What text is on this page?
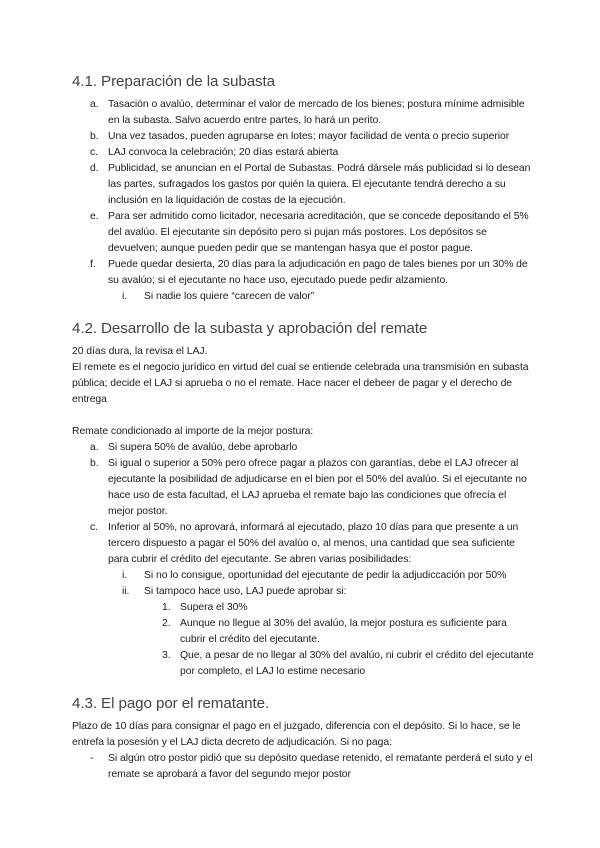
4.1. Preparación de la subasta
a. Tasación o avalúo, determinar el valor de mercado de los bienes; postura mínime admisible en la subasta. Salvo acuerdo entre partes, lo hará un perito.
b. Una vez tasados, pueden agruparse en lotes; mayor facilidad de venta o precio superior
c. LAJ convoca la celebración; 20 días estará abierta
d. Publicidad, se anuncian en el Portal de Subastas. Podrá dársele más publicidad si lo desean las partes, sufragados los gastos por quién la quiera. El ejecutante tendrá derecho a su inclusión en la liquidación de costas de la ejecución.
e. Para ser admitido como licitador, necesaria acreditación, que se concede depositando el 5% del avalúo. El ejecutante sin depósito pero si pujan más postores. Los depósitos se devuelven; aunque pueden pedir que se mantengan hasya que el postor pague.
f. Puede quedar desierta, 20 días para la adjudicación en pago de tales bienes por un 30% de su avalúo; si el ejecutante no hace uso, ejecutado puede pedir alzamiento.
i. Si nadie los quiere “carecen de valor”
4.2. Desarrollo de la subasta y aprobación del remate

20 días dura, la revisa el LAJ.

El remete es el negocio jurídico en virtud del cual se entiende celebrada una transmisión en subasta pública; decide el LAJ si aprueba o no el remate. Hace nacer el debeer de pagar y el derecho de entrega

Remate condicionado al importe de la mejor postura:

a. Si supera 50% de avalúo, debe aprobarlo
b. Si igual o superior a 50% pero ofrece pagar a plazos con garantías, debe el LAJ ofrecer al ejecutante la posibilidad de adjudicarse en el bien por el 50% del avalúo. Si el ejecutante no hace uso de esta facultad, el LAJ aprueba el remate bajo las condiciones que ofrecía el mejor postor.
c. Inferior al 50%, no aprovará, informará al ejecutado, plazo 10 días para que presente a un tercero dispuesto a pagar el 50% del avalúo o, al menos, una cantidad que sea suficiente para cubrir el crédito del ejecutante. Se abren varias posibilidades:
i. Si no lo consigue, oportunidad del ejecutante de pedir la adjudiccación por 50%
ii. Si tampoco hace uso, LAJ puede aprobar si:
1. Supera el 30%
2. Aunque no llegue al 30% del avalúo, la mejor postura es suficiente para cubrir el crédito del ejecutante.
3. Que, a pesar de no llegar al 30% del avalúo, ni cubrir el crédito del ejecutante por completo, el LAJ lo estime necesario
4.3. El pago por el rematante.

Plazo de 10 días para consignar el pago en el juzgado, diferencia con el depósito. Si lo hace, se le entrefa la posesión y el LAJ dicta decreto de adjudicación. Si no paga:

- Si algún otro postor pidió que su depósito quedase retenido, el rematante perderá el suto y el remate se aprobará a favor del segundo mejor postor
